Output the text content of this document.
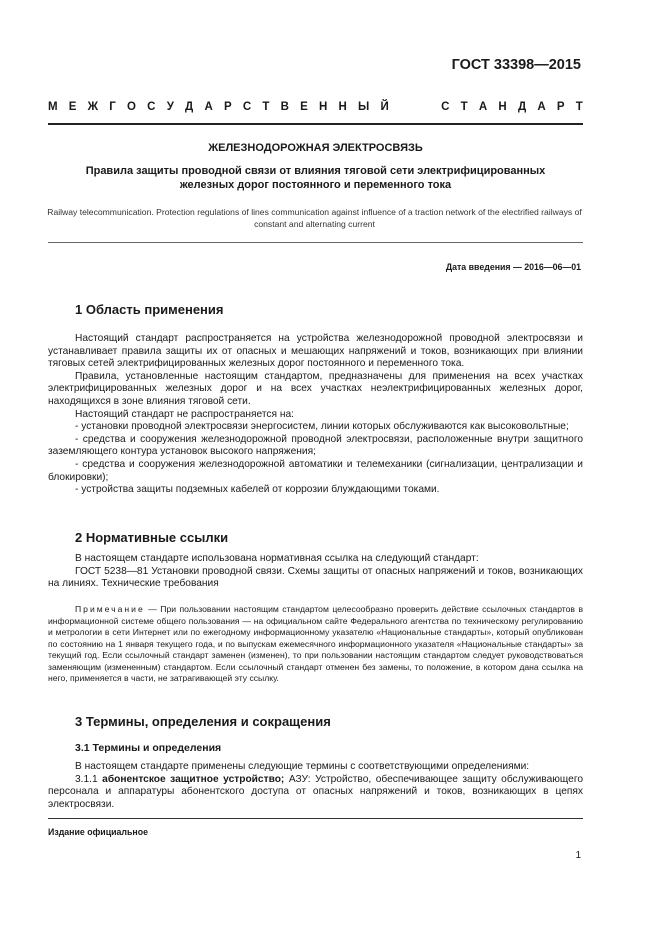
ГОСТ 33398—2015
М Е Ж Г О С У Д А Р С Т В Е Н Н Ы Й	С Т А Н Д А Р Т
ЖЕЛЕЗНОДОРОЖНАЯ ЭЛЕКТРОСВЯЗЬ
Правила защиты проводной связи от влияния тяговой сети электрифицированных железных дорог постоянного и переменного тока
Railway telecommunication. Protection regulations of lines communication against influence of a traction network of the electrified railways of constant and alternating current
Дата введения — 2016—06—01
1 Область применения

Настоящий стандарт распространяется на устройства железнодорожной проводной электросвязи и устанавливает правила защиты их от опасных и мешающих напряжений и токов, возникающих при влиянии тяговых сетей электрифицированных железных дорог постоянного и переменного тока.

Правила, установленные настоящим стандартом, предназначены для применения на всех участках электрифицированных железных дорог и на всех участках неэлектрифицированных железных дорог, находящихся в зоне влияния тяговой сети.

Настоящий стандарт не распространяется на:

- установки проводной электросвязи энергосистем, линии которых обслуживаются как высоковольтные;

- средства и сооружения железнодорожной проводной электросвязи, расположенные внутри защитного заземляющего контура установок высокого напряжения;

- средства и сооружения железнодорожной автоматики и телемеханики (сигнализации, централизации и блокировки);

- устройства защиты подземных кабелей от коррозии блуждающими токами.

2 Нормативные ссылки

В настоящем стандарте использована нормативная ссылка на следующий стандарт:

ГОСТ 5238—81 Установки проводной связи. Схемы защиты от опасных напряжений и токов, возникающих на линиях. Технические требования

Примечание — При пользовании настоящим стандартом целесообразно проверить действие ссылочных стандартов в информационной системе общего пользования — на официальном сайте Федерального агентства по техническому регулированию и метрологии в сети Интернет или по ежегодному информационному указателю «Национальные стандарты», который опубликован по состоянию на 1 января текущего года, и по выпускам ежемесячного информационного указателя «Национальные стандарты» за текущий год. Если ссылочный стандарт заменен (изменен), то при пользовании настоящим стандартом следует руководствоваться заменяющим (измененным) стандартом. Если ссылочный стандарт отменен без замены, то положение, в котором дана ссылка на него, применяется в части, не затрагивающей эту ссылку.
3 Термины, определения и сокращения
3.1 Термины и определения

В настоящем стандарте применены следующие термины с соответствующими определениями:

3.1.1 абонентское защитное устройство; АЗУ: Устройство, обеспечивающее защиту обслуживающего персонала и аппаратуры абонентского доступа от опасных напряжений и токов, возникающих в цепях электросвязи.

Издание официальное
1
